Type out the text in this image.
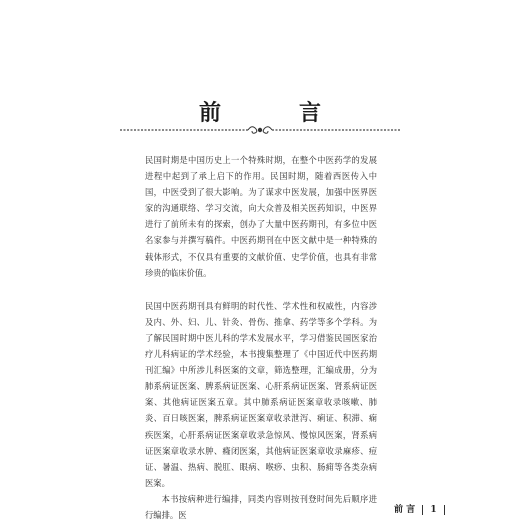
前　言

民国时期是中国历史上一个特殊时期，在整个中医药学的发展进程中起到了承上启下的作用。民国时期，随着西医传入中国，中医受到了很大影响。为了谋求中医发展，加强中医界医家的沟通联络、学习交流，向大众普及相关医药知识，中医界进行了前所未有的探索，创办了大量中医药期刊，有多位中医名家参与并撰写稿件。中医药期刊在中医文献中是一种特殊的载体形式，不仅具有重要的文献价值、史学价值，也具有非常珍贵的临床价值。

民国中医药期刊具有鲜明的时代性、学术性和权威性，内容涉及内、外、妇、儿、针灸、骨伤、推拿、药学等多个学科。为了解民国时期中医儿科的学术发展水平，学习借鉴民国医家治疗儿科病证的学术经验，本书搜集整理了《中国近代中医药期刊汇编》中所涉儿科医案的文章，筛选整理，汇编成册，分为肺系病证医案、脾系病证医案、心肝系病证医案、肾系病证医案、其他病证医案五章。其中肺系病证医案章收录咳嗽、肺炎、百日咳医案，脾系病证医案章收录泄泻、痢证、积滞、痫疾医案，心肝系病证医案章收录急惊风、慢惊风医案，肾系病证医案章收录水肿、癃闭医案，其他病证医案章收录麻疹、痘证、暑温、热病、脱肛、眼病、喉痧、虫积、肠痈等各类杂病医案。

本书按病种进行编排，同类内容则按刊登时间先后顺序进行编排。医	前 言 1
